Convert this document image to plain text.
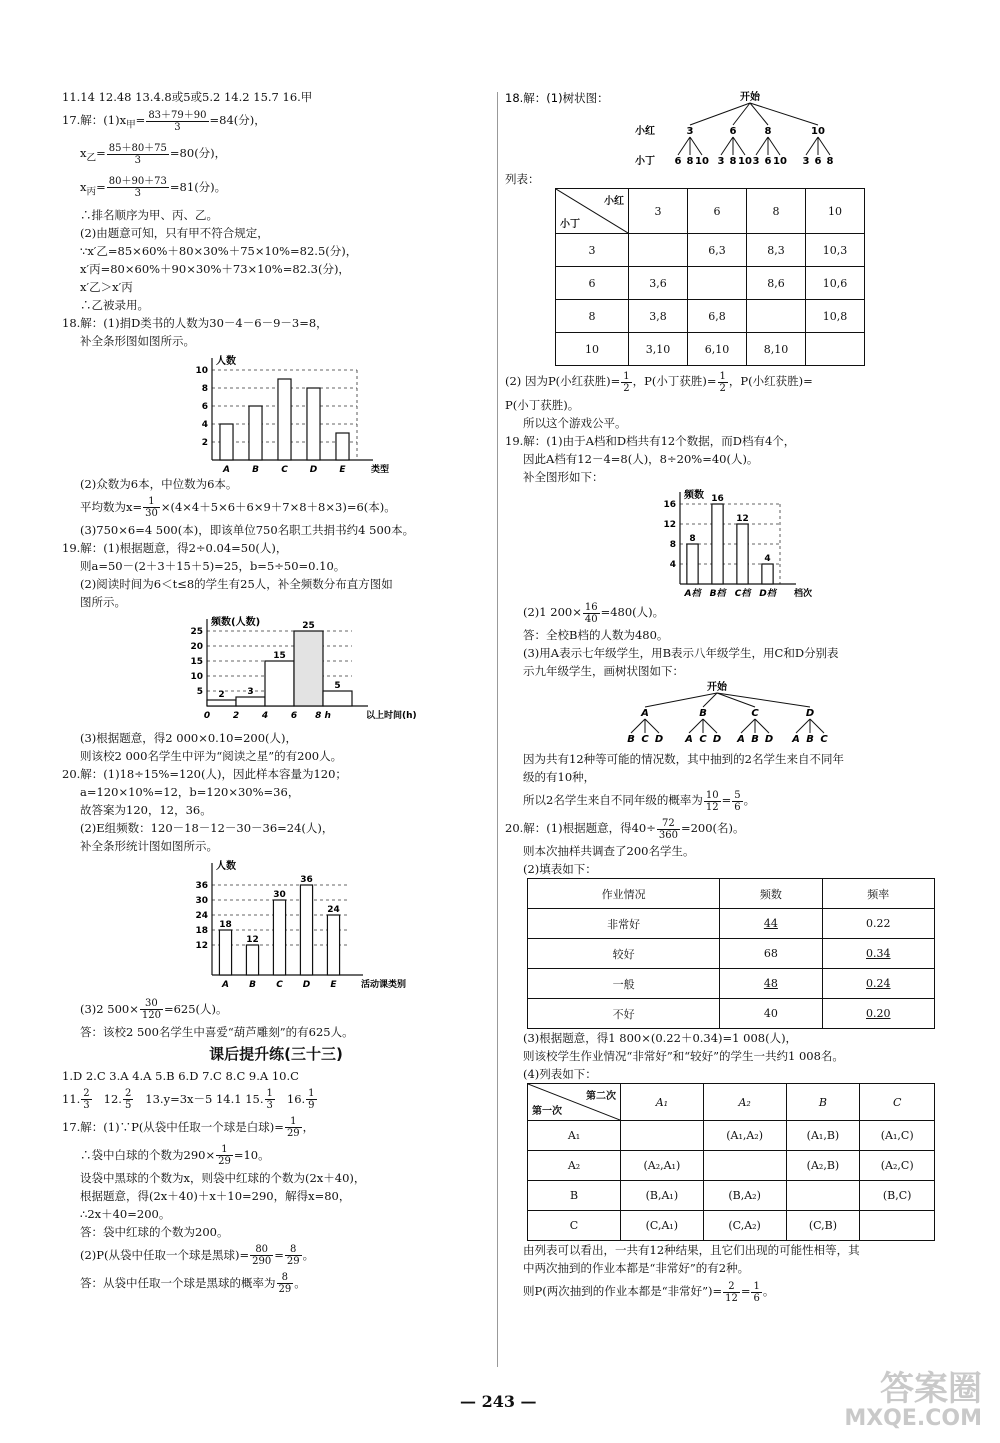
11.14 12.48 13.4.8或5或5.2 14.2 15.7 16.甲
17.解：$(1)x_甲= \frac{83+79+90}{3} =84$(分)，
$x_乙= \frac{85+80+75}{3} =80$(分)，
$x_丙= \frac{80+90+73}{3} =81$(分)。
∴排名顺序为甲、丙、乙。
(2)由题意可知，只有甲不符合规定，
∵x′乙=85×60%＋80×30%＋75×10%=82.5(分)，
x′丙=80×60%＋90×30%＋73×10%=82.3(分)，
x′乙＞x′丙
∴乙被录用。
18.解：(1)捐D类书的人数为30－4－6－9－3=8，
补全条形图如图所示。
2
4
6
8
10
人数
类型
A B C D E
(2)众数为6本，中位数为6本。
平均数为$x= \frac{1}{30} \times(4\times 4+5\times 6+6\times 9+7\times 8+8\times 3)=6$(本)。
(3)750×6=4 500(本)，即该单位750名职工共捐书约4 500本。
19.解：(1)根据题意，得2÷0.04=50(人)，
则a=50－(2＋3＋15＋5)=25，b=5÷50=0.10。
(2)阅读时间为6＜t≤8的学生有25人，补全频数分布直方图如
图所示。
5
10
15
20
25
频数(人数)
以上时间(h)
2
0
3
2
15
4
25
6
5
8 h
(3)根据题意，得2 000×0.10=200(人)，
则该校2 000名学生中评为“阅读之星”的有200人。
20.解：(1)18÷15%=120(人)，因此样本容量为120；
a=120×10%=12，b=120×30%=36，
故答案为120，12，36。
(2)E组频数：120－18－12－30－36=24(人)，
补全条形统计图如图所示。
12
18
24
30
36
人数
活动课类别
18
A
12
B
30
C
36
D
24
E
(3)2 $500\times \frac{30}{120} =625$(人)。
答：该校2 500名学生中喜爱“葫芦雕刻”的有625人。
课后提升练(三十三)
1.D 2.C 3.A 4.A 5.B 6.D 7.C 8.C 9.A 10.C
11. $\frac{2}{3} 12$. $\frac{2}{5} 13.y=3x-5$ 14.1 15. $\frac{1}{3} 16$. $\frac{1}{9}$
17.解：(1)∵P(从袋中任取一个球是白球)= $\frac{1}{29}$ ，
∴袋中白球的个数为$290\times \frac{1}{29} =10$。
设袋中黑球的个数为x，则袋中红球的个数为(2x＋40)，
根据题意，得(2x＋40)＋x＋10=290，解得x=80，
∴2x＋40=200。
答：袋中红球的个数为200。
(2)P(从袋中任取一个球是黑球)= $\frac{80}{290} = \frac{8}{29}$ 。
答：从袋中任取一个球是黑球的概率为 $\frac{8}{29}$ 。
开始
3
6 8 10
6
3 8 10
8
3 6 10
10
3 6 8
小红
小丁
18.解：(1)树状图：
列表：
小红
小丁	3	6	8	10
3		6,3	8,3	10,3
6	3,6		8,6	10,6
8	3,8	6,8		10,8
10	3,10	6,10	8,10	
(2) 因为P(小红获胜)= $\frac{1}{2}$ ，P(小丁获胜)= $\frac{1}{2}$ ，P(小红获胜)=
P(小丁获胜)。
所以这个游戏公平。
19.解：(1)由于A档和D档共有12个数据，而D档有4个，
因此A档有12－4=8(人)，8÷20%=40(人)。
补全图形如下：
4
8
12
16
频数
档次
8
A档
16
B档
12
C档
4
D档
(2)1 $200\times \frac{16}{40} =480$(人)。
答：全校B档的人数为480。
(3)用A表示七年级学生，用B表示八年级学生，用C和D分别表
示九年级学生，画树状图如下：
开始
A
B C D
B
A C D
C
A B D
D
A B C
因为共有12种等可能的情况数，其中抽到的2名学生来自不同年
级的有10种，
所以2名学生来自不同年级的概率为 $\frac{10}{12} = \frac{5}{6}$ 。
20.解：(1)根据题意，得$40\div \frac{72}{360} =200$(名)。
则本次抽样共调查了200名学生。
(2)填表如下：
作业情况	频数	频率
非常好	44	0.22
较好	68	0.34
一般	48	0.24
不好	40	0.20
(3)根据题意，得1 800×(0.22＋0.34)=1 008(人)，
则该校学生作业情况“非常好”和“较好”的学生一共约1 008名。
(4)列表如下：
第二次
第一次	A₁	A₂	B	C
A₁		(A₁,A₂)	(A₁,B)	(A₁,C)
A₂	(A₂,A₁)		(A₂,B)	(A₂,C)
B	(B,A₁)	(B,A₂)		(B,C)
C	(C,A₁)	(C,A₂)	(C,B)	
由列表可以看出，一共有12种结果，且它们出现的可能性相等，其
中两次抽到的作业本都是“非常好”的有2种。
则P(两次抽到的作业本都是“非常好”)= $\frac{2}{12} = \frac{1}{6}$ 。
— 243 —	答案圈
MXQE.COM
